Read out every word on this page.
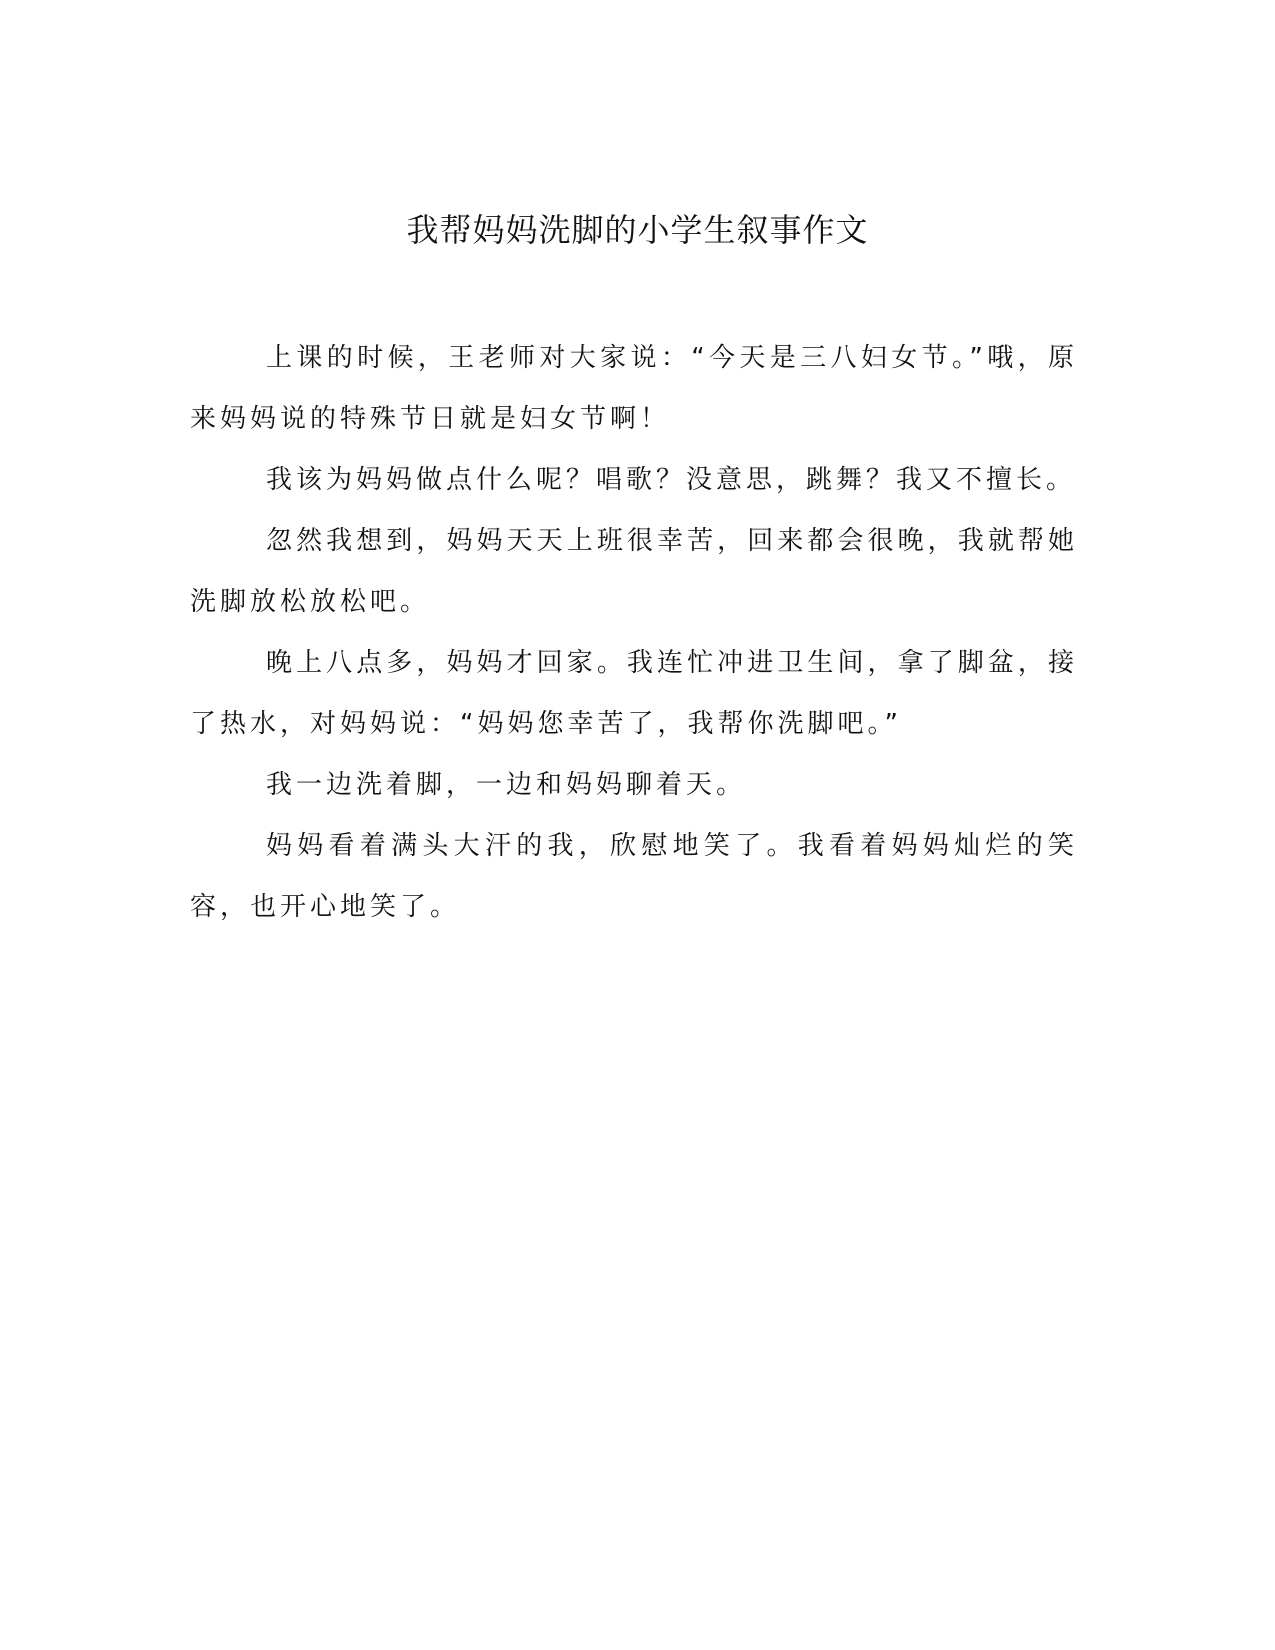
我帮妈妈洗脚的小学生叙事作文

上课的时候，王老师对大家说：“今天是三八妇女节。”哦，原来妈妈说的特殊节日就是妇女节啊！

我该为妈妈做点什么呢？唱歌？没意思，跳舞？我又不擅长。

忽然我想到，妈妈天天上班很幸苦，回来都会很晚，我就帮她洗脚放松放松吧。

晚上八点多，妈妈才回家。我连忙冲进卫生间，拿了脚盆，接了热水，对妈妈说：“妈妈您幸苦了，我帮你洗脚吧。”

我一边洗着脚，一边和妈妈聊着天。

妈妈看着满头大汗的我，欣慰地笑了。我看着妈妈灿烂的笑容，也开心地笑了。
